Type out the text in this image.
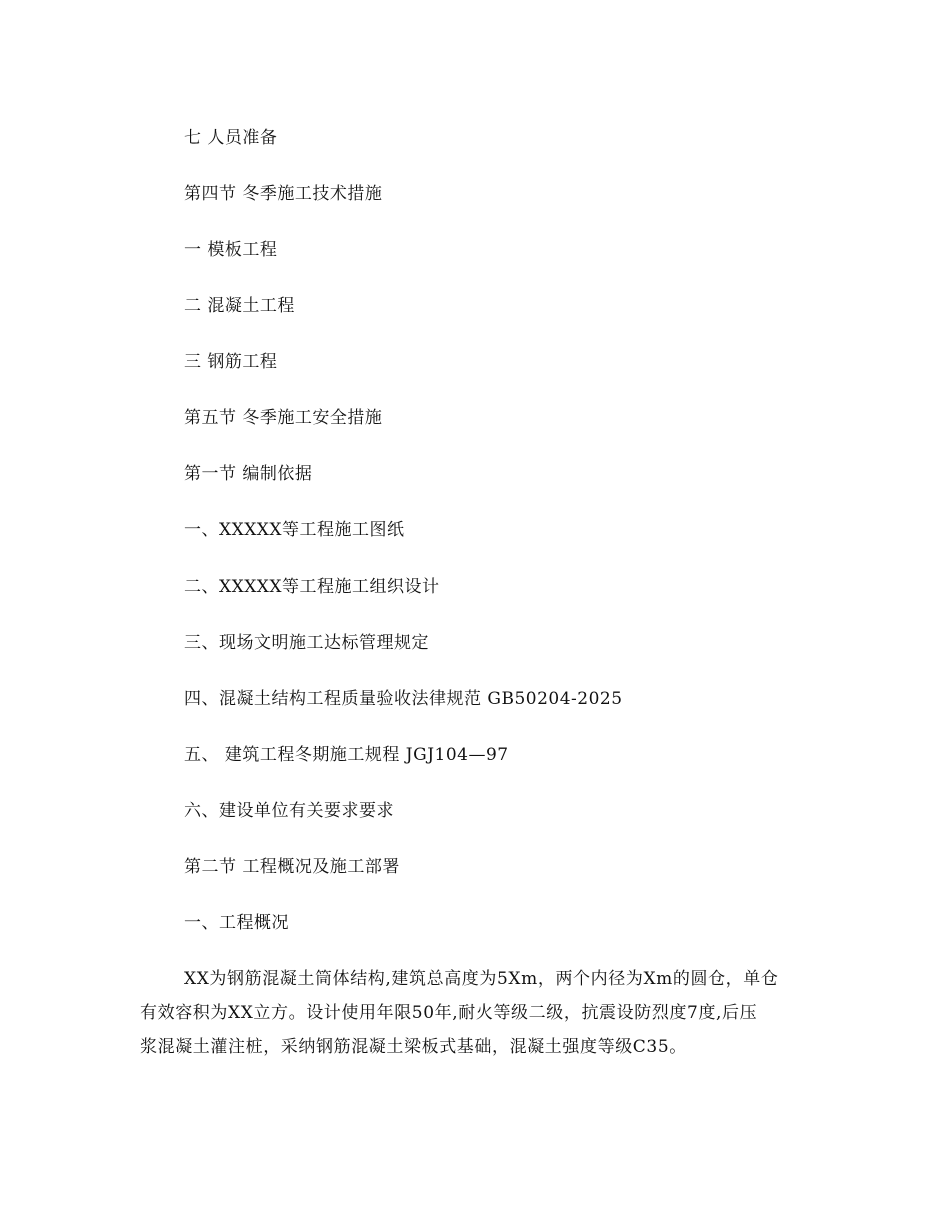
七 人员准备
第四节 冬季施工技术措施
一 模板工程
二 混凝土工程
三 钢筋工程
第五节 冬季施工安全措施
第一节 编制依据
一、XXXXX等工程施工图纸
二、XXXXX等工程施工组织设计
三、现场文明施工达标管理规定
四、混凝土结构工程质量验收法律规范 GB50204-2025
五、 建筑工程冬期施工规程 JGJ104—97
六、建设单位有关要求要求
第二节 工程概况及施工部署
一、工程概况
XX为钢筋混凝土筒体结构,建筑总高度为5Xm，两个内径为Xm的圆仓，单仓
有效容积为XX立方。设计使用年限50年,耐火等级二级，抗震设防烈度7度,后压
浆混凝土灌注桩，采纳钢筋混凝土梁板式基础，混凝土强度等级C35。
